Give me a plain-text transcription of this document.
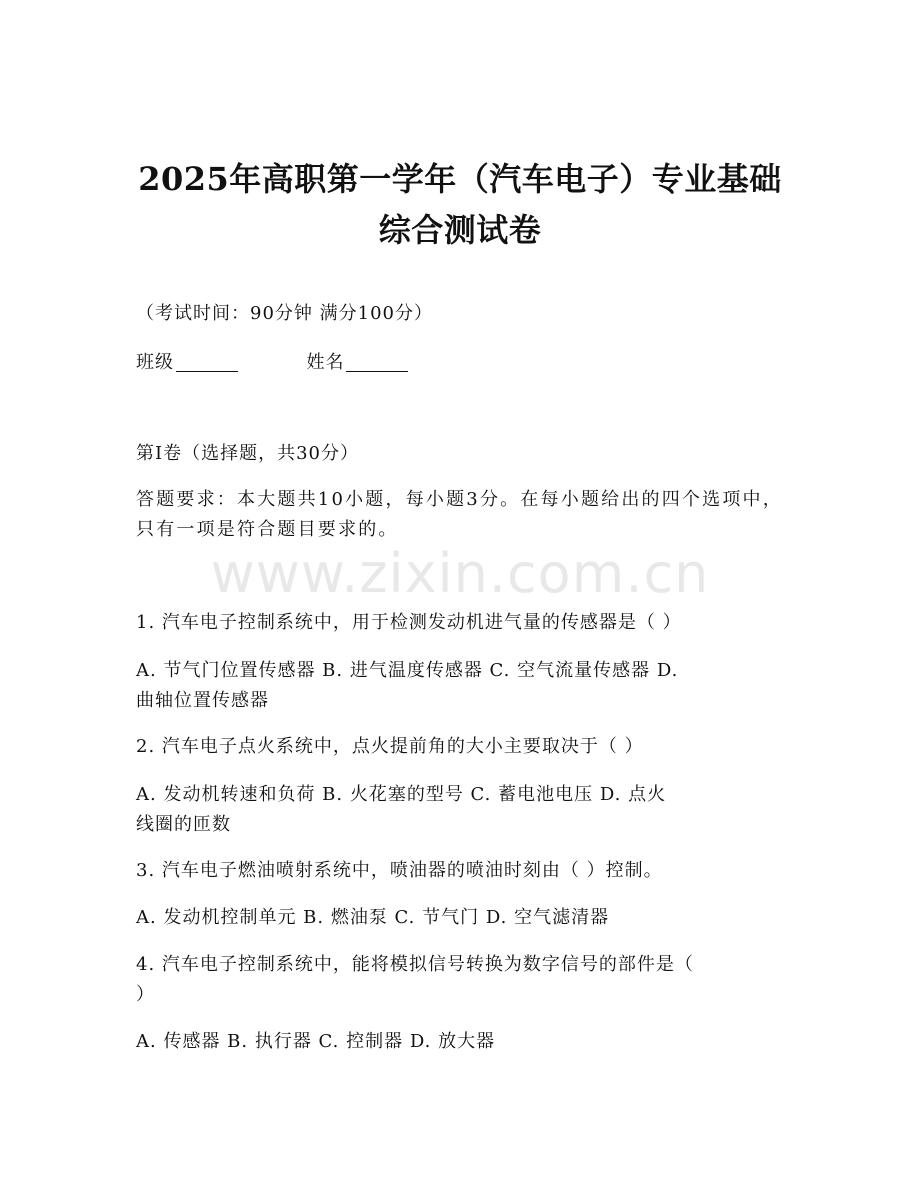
2025年高职第一学年（汽车电子）专业基础
综合测试卷
（考试时间：90分钟 满分100分）
班级	姓名
第I卷（选择题，共30分）
答题要求：本大题共10小题，每小题3分。在每小题给出的四个选项中，只有一项是符合题目要求的。
www.zixin.com.cn
1. 汽车电子控制系统中，用于检测发动机进气量的传感器是（ ）
A. 节气门位置传感器 B. 进气温度传感器 C. 空气流量传感器 D.
曲轴位置传感器
2. 汽车电子点火系统中，点火提前角的大小主要取决于（ ）
A. 发动机转速和负荷 B. 火花塞的型号 C. 蓄电池电压 D. 点火
线圈的匝数
3. 汽车电子燃油喷射系统中，喷油器的喷油时刻由（ ）控制。
A. 发动机控制单元 B. 燃油泵 C. 节气门 D. 空气滤清器
4. 汽车电子控制系统中，能将模拟信号转换为数字信号的部件是（
）
A. 传感器 B. 执行器 C. 控制器 D. 放大器
